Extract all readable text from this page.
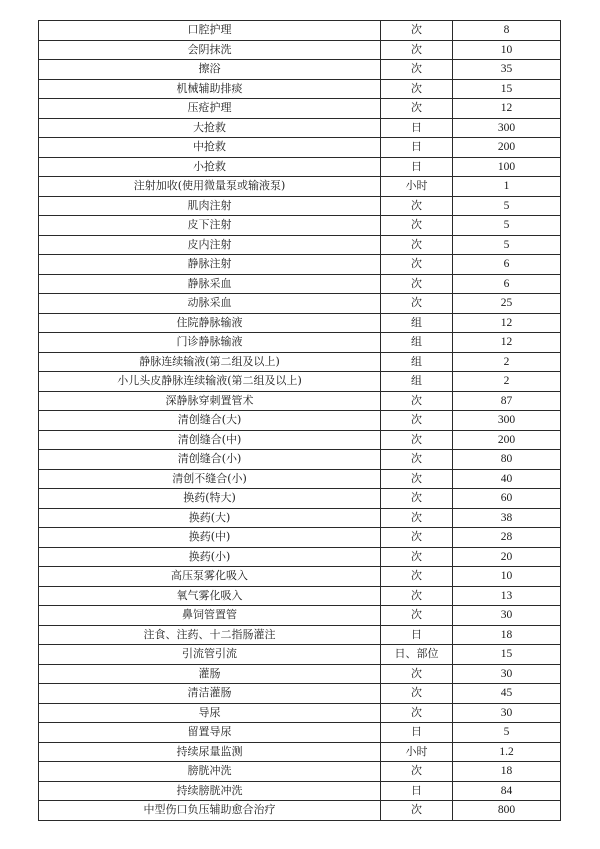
口腔护理	次	8
会阴抹洗	次	10
擦浴	次	35
机械辅助排痰	次	15
压疮护理	次	12
大抢救	日	300
中抢救	日	200
小抢救	日	100
注射加收(使用微量泵或输液泵)	小时	1
肌肉注射	次	5
皮下注射	次	5
皮内注射	次	5
静脉注射	次	6
静脉采血	次	6
动脉采血	次	25
住院静脉输液	组	12
门诊静脉输液	组	12
静脉连续输液(第二组及以上)	组	2
小儿头皮静脉连续输液(第二组及以上)	组	2
深静脉穿刺置管术	次	87
清创缝合(大)	次	300
清创缝合(中)	次	200
清创缝合(小)	次	80
清创不缝合(小)	次	40
换药(特大)	次	60
换药(大)	次	38
换药(中)	次	28
换药(小)	次	20
高压泵雾化吸入	次	10
氧气雾化吸入	次	13
鼻饲管置管	次	30
注食、注药、十二指肠灌注	日	18
引流管引流	日、部位	15
灌肠	次	30
清洁灌肠	次	45
导尿	次	30
留置导尿	日	5
持续尿量监测	小时	1.2
膀胱冲洗	次	18
持续膀胱冲洗	日	84
中型伤口负压辅助愈合治疗	次	800
